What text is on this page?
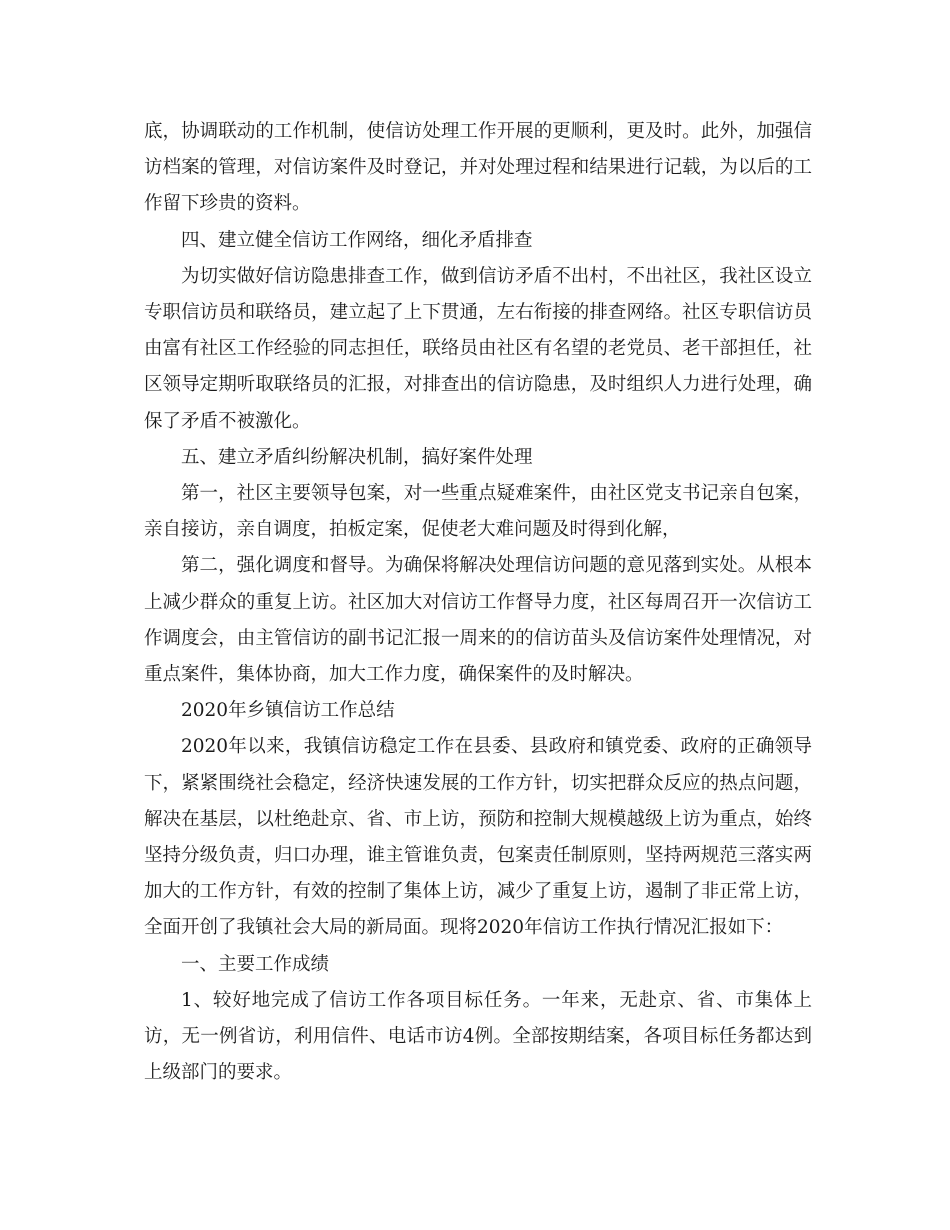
底，协调联动的工作机制，使信访处理工作开展的更顺利，更及时。此外，加强信访档案的管理，对信访案件及时登记，并对处理过程和结果进行记载，为以后的工作留下珍贵的资料。

四、建立健全信访工作网络，细化矛盾排查

为切实做好信访隐患排查工作，做到信访矛盾不出村，不出社区，我社区设立专职信访员和联络员，建立起了上下贯通，左右衔接的排查网络。社区专职信访员由富有社区工作经验的同志担任，联络员由社区有名望的老党员、老干部担任，社区领导定期听取联络员的汇报，对排查出的信访隐患，及时组织人力进行处理，确保了矛盾不被激化。

五、建立矛盾纠纷解决机制，搞好案件处理

第一，社区主要领导包案，对一些重点疑难案件，由社区党支书记亲自包案，亲自接访，亲自调度，拍板定案，促使老大难问题及时得到化解，

第二，强化调度和督导。为确保将解决处理信访问题的意见落到实处。从根本上减少群众的重复上访。社区加大对信访工作督导力度，社区每周召开一次信访工作调度会，由主管信访的副书记汇报一周来的的信访苗头及信访案件处理情况，对重点案件，集体协商，加大工作力度，确保案件的及时解决。

2020年乡镇信访工作总结

2020年以来，我镇信访稳定工作在县委、县政府和镇党委、政府的正确领导下，紧紧围绕社会稳定，经济快速发展的工作方针，切实把群众反应的热点问题，解决在基层，以杜绝赴京、省、市上访，预防和控制大规模越级上访为重点，始终坚持分级负责，归口办理，谁主管谁负责，包案责任制原则，坚持两规范三落实两加大的工作方针，有效的控制了集体上访，减少了重复上访，遏制了非正常上访，全面开创了我镇社会大局的新局面。现将2020年信访工作执行情况汇报如下：

一、主要工作成绩

1、较好地完成了信访工作各项目标任务。一年来，无赴京、省、市集体上访，无一例省访，利用信件、电话市访4例。全部按期结案，各项目标任务都达到上级部门的要求。
